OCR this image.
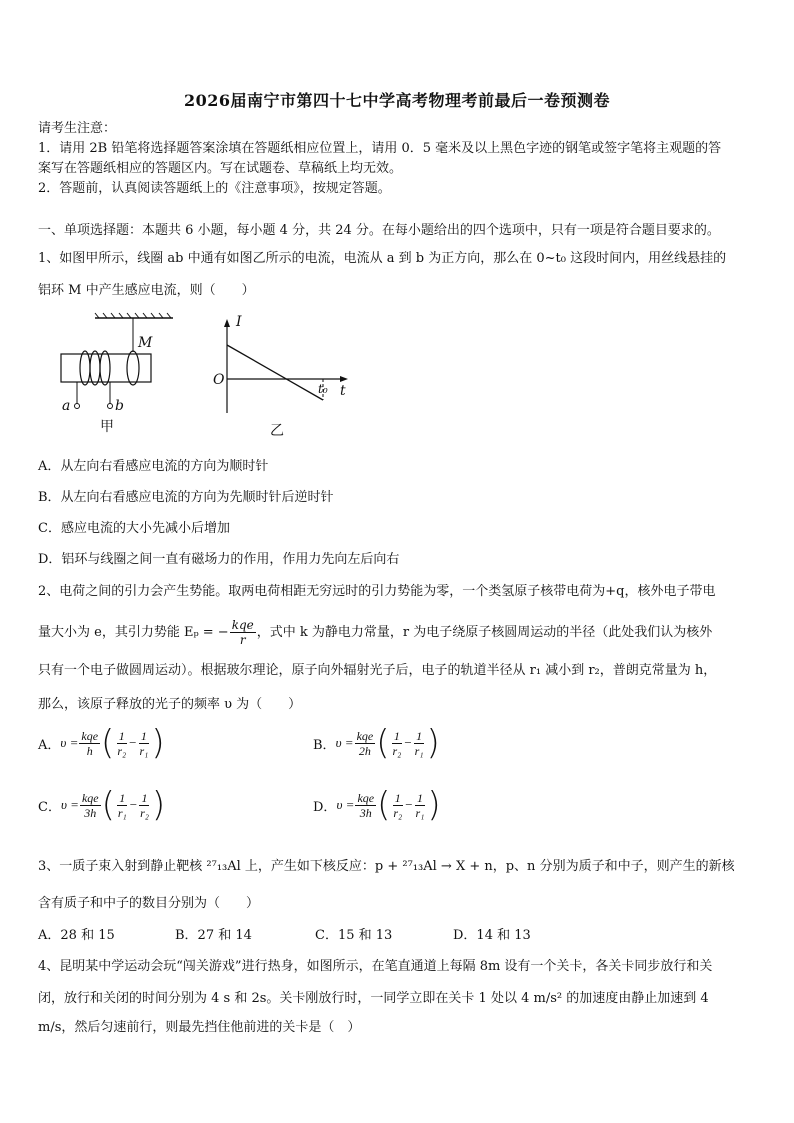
2026届南宁市第四十七中学高考物理考前最后一卷预测卷
请考生注意：
1．请用 2B 铅笔将选择题答案涂填在答题纸相应位置上，请用 0．5 毫米及以上黑色字迹的钢笔或签字笔将主观题的答
案写在答题纸相应的答题区内。写在试题卷、草稿纸上均无效。
2．答题前，认真阅读答题纸上的《注意事项》，按规定答题。
一、单项选择题：本题共 6 小题，每小题 4 分，共 24 分。在每小题给出的四个选项中，只有一项是符合题目要求的。
1、如图甲所示，线圈 ab 中通有如图乙所示的电流，电流从 a 到 b 为正方向，那么在 0~t₀ 这段时间内，用丝线悬挂的
铝环 M 中产生感应电流，则（　　）
M
a	b
甲
I
O
t
t₀
乙
A．从左向右看感应电流的方向为顺时针
B．从左向右看感应电流的方向为先顺时针后逆时针
C．感应电流的大小先减小后增加
D．铝环与线圈之间一直有磁场力的作用，作用力先向左后向右
2、电荷之间的引力会产生势能。取两电荷相距无穷远时的引力势能为零，一个类氢原子核带电荷为+q，核外电子带电
量大小为 e，其引力势能 Eₚ = − $\frac{\text{kqe}}{r}$ ，式中 k 为静电力常量，r 为电子绕原子核圆周运动的半径（此处我们认为核外
只有一个电子做圆周运动）。根据玻尔理论，原子向外辐射光子后，电子的轨道半径从 r₁ 减小到 r₂，普朗克常量为 h，
那么，该原子释放的光子的频率 υ 为（　　）
A． $\upsilon = \frac{\text{kqe}}{h}$ ( $\frac{1}{\text{r₂}} - \frac{1}{\text{r₁}}$ )	B． $\upsilon = \frac{\text{kqe}}{2h}$ ( $\frac{1}{\text{r₂}} - \frac{1}{\text{r₁}}$ )
C． $\upsilon = \frac{\text{kqe}}{3h}$ ( $\frac{1}{\text{r₁}} - \frac{1}{\text{r₂}}$ )	D． $\upsilon = \frac{\text{kqe}}{3h}$ ( $\frac{1}{\text{r₂}} - \frac{1}{\text{r₁}}$ )
3、一质子束入射到静止靶核 ²⁷₁₃Al 上，产生如下核反应：p + ²⁷₁₃Al → X + n，p、n 分别为质子和中子，则产生的新核
含有质子和中子的数目分别为（　　）
A．28 和 15	B．27 和 14	C．15 和 13	D．14 和 13
4、昆明某中学运动会玩“闯关游戏”进行热身，如图所示，在笔直通道上每隔 8m 设有一个关卡，各关卡同步放行和关
闭，放行和关闭的时间分别为 4 s 和 2s。关卡刚放行时，一同学立即在关卡 1 处以 4 m/s² 的加速度由静止加速到 4
m/s，然后匀速前行，则最先挡住他前进的关卡是（　）
